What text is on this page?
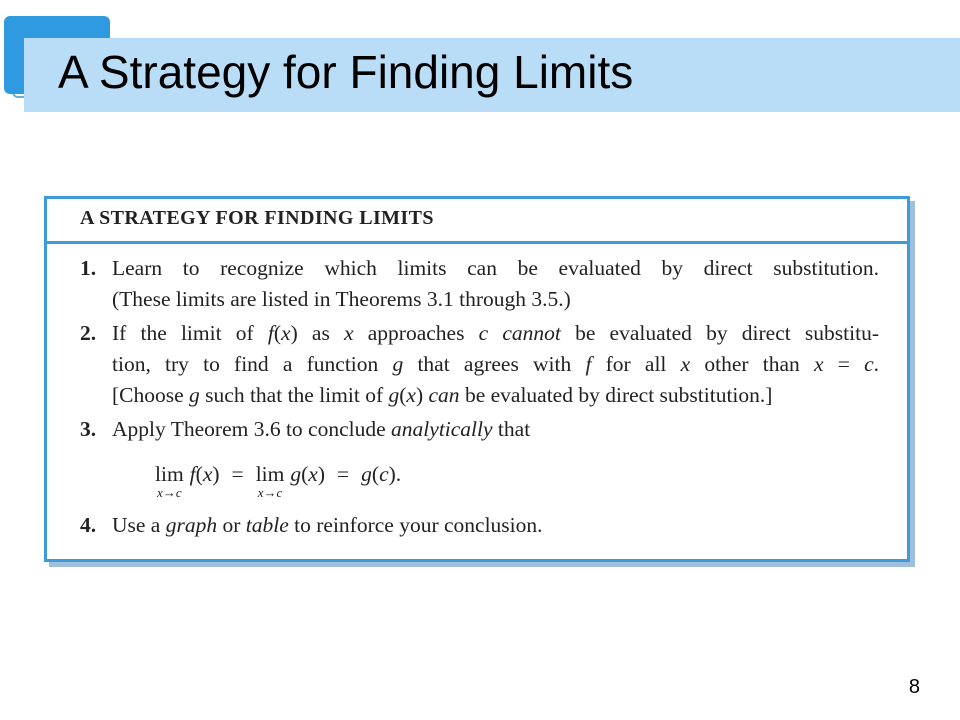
A Strategy for Finding Limits
A STRATEGY FOR FINDING LIMITS
1. Learn to recognize which limits can be evaluated by direct substitution.
(These limits are listed in Theorems 3.1 through 3.5.)
2. If the limit of f(x) as x approaches c cannot be evaluated by direct substitu-
tion, try to find a function g that agrees with f for all x other than x = c.
[Choose g such that the limit of g(x) can be evaluated by direct substitution.]
3. Apply Theorem 3.6 to conclude analytically that
lim
x→c
f(x) = lim
x→c
g(x) = g(c).
4. Use a graph or table to reinforce your conclusion.
8
